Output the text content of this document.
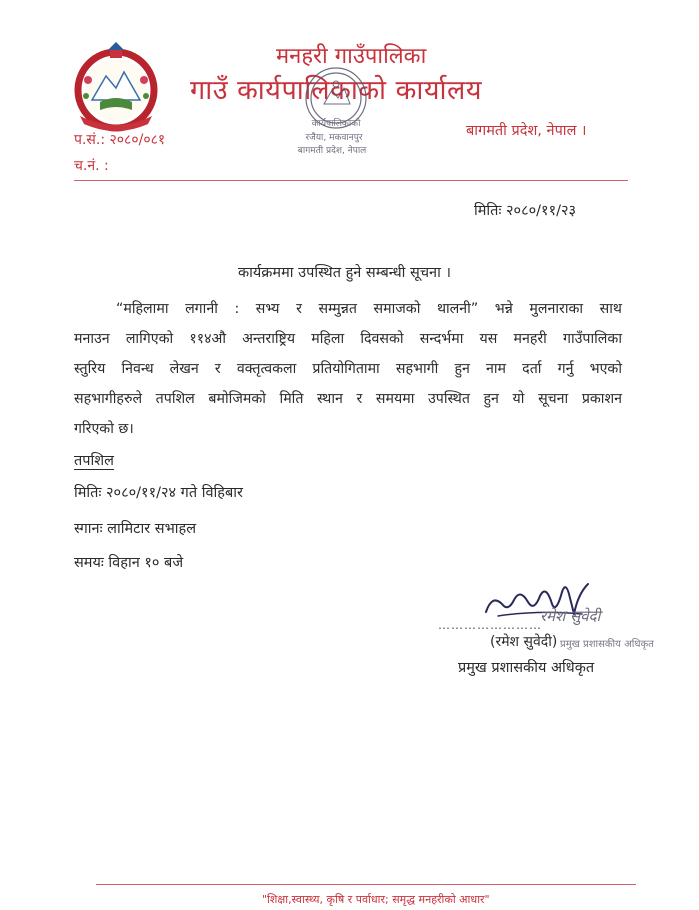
मनहरी गाउँपालिका
गाउँ कार्यपालिकाको कार्यालय
कार्यपालिकाको
रजैया, मकवानपुर
बागमती प्रदेश, नेपाल
प.सं.: २०८०/०८१
च.नं. :
बागमती प्रदेश, नेपाल ।
मितिः २०८०/११/२३
कार्यक्रममा उपस्थित हुने सम्बन्धी सूचना ।
“महिलामा लगानी : सभ्य र सम्मुन्नत समाजको थालनी” भन्ने मुलनाराका साथ
मनाउन लागिएको ११४औ अन्तराष्ट्रिय महिला दिवसको सन्दर्भमा यस मनहरी गाउँपालिका
स्तुरिय निवन्ध लेखन र वक्तृत्वकला प्रतियोगितामा सहभागी हुन नाम दर्ता गर्नु भएको
सहभागीहरुले तपशिल बमोजिमको मिति स्थान र समयमा उपस्थित हुन यो सूचना प्रकाशन
गरिएको छ।
तपशिल
मितिः २०८०/११/२४ गते विहिबार
स्गानः लामिटार सभाहल
समयः विहान १० बजे
……………………
रमेश सुवेदी
(रमेश सुवेदी) प्रमुख प्रशासकीय अधिकृत
प्रमुख प्रशासकीय अधिकृत
"शिक्षा,स्वास्थ्य, कृषि र पर्वाधार; समृद्ध मनहरीको आधार"
